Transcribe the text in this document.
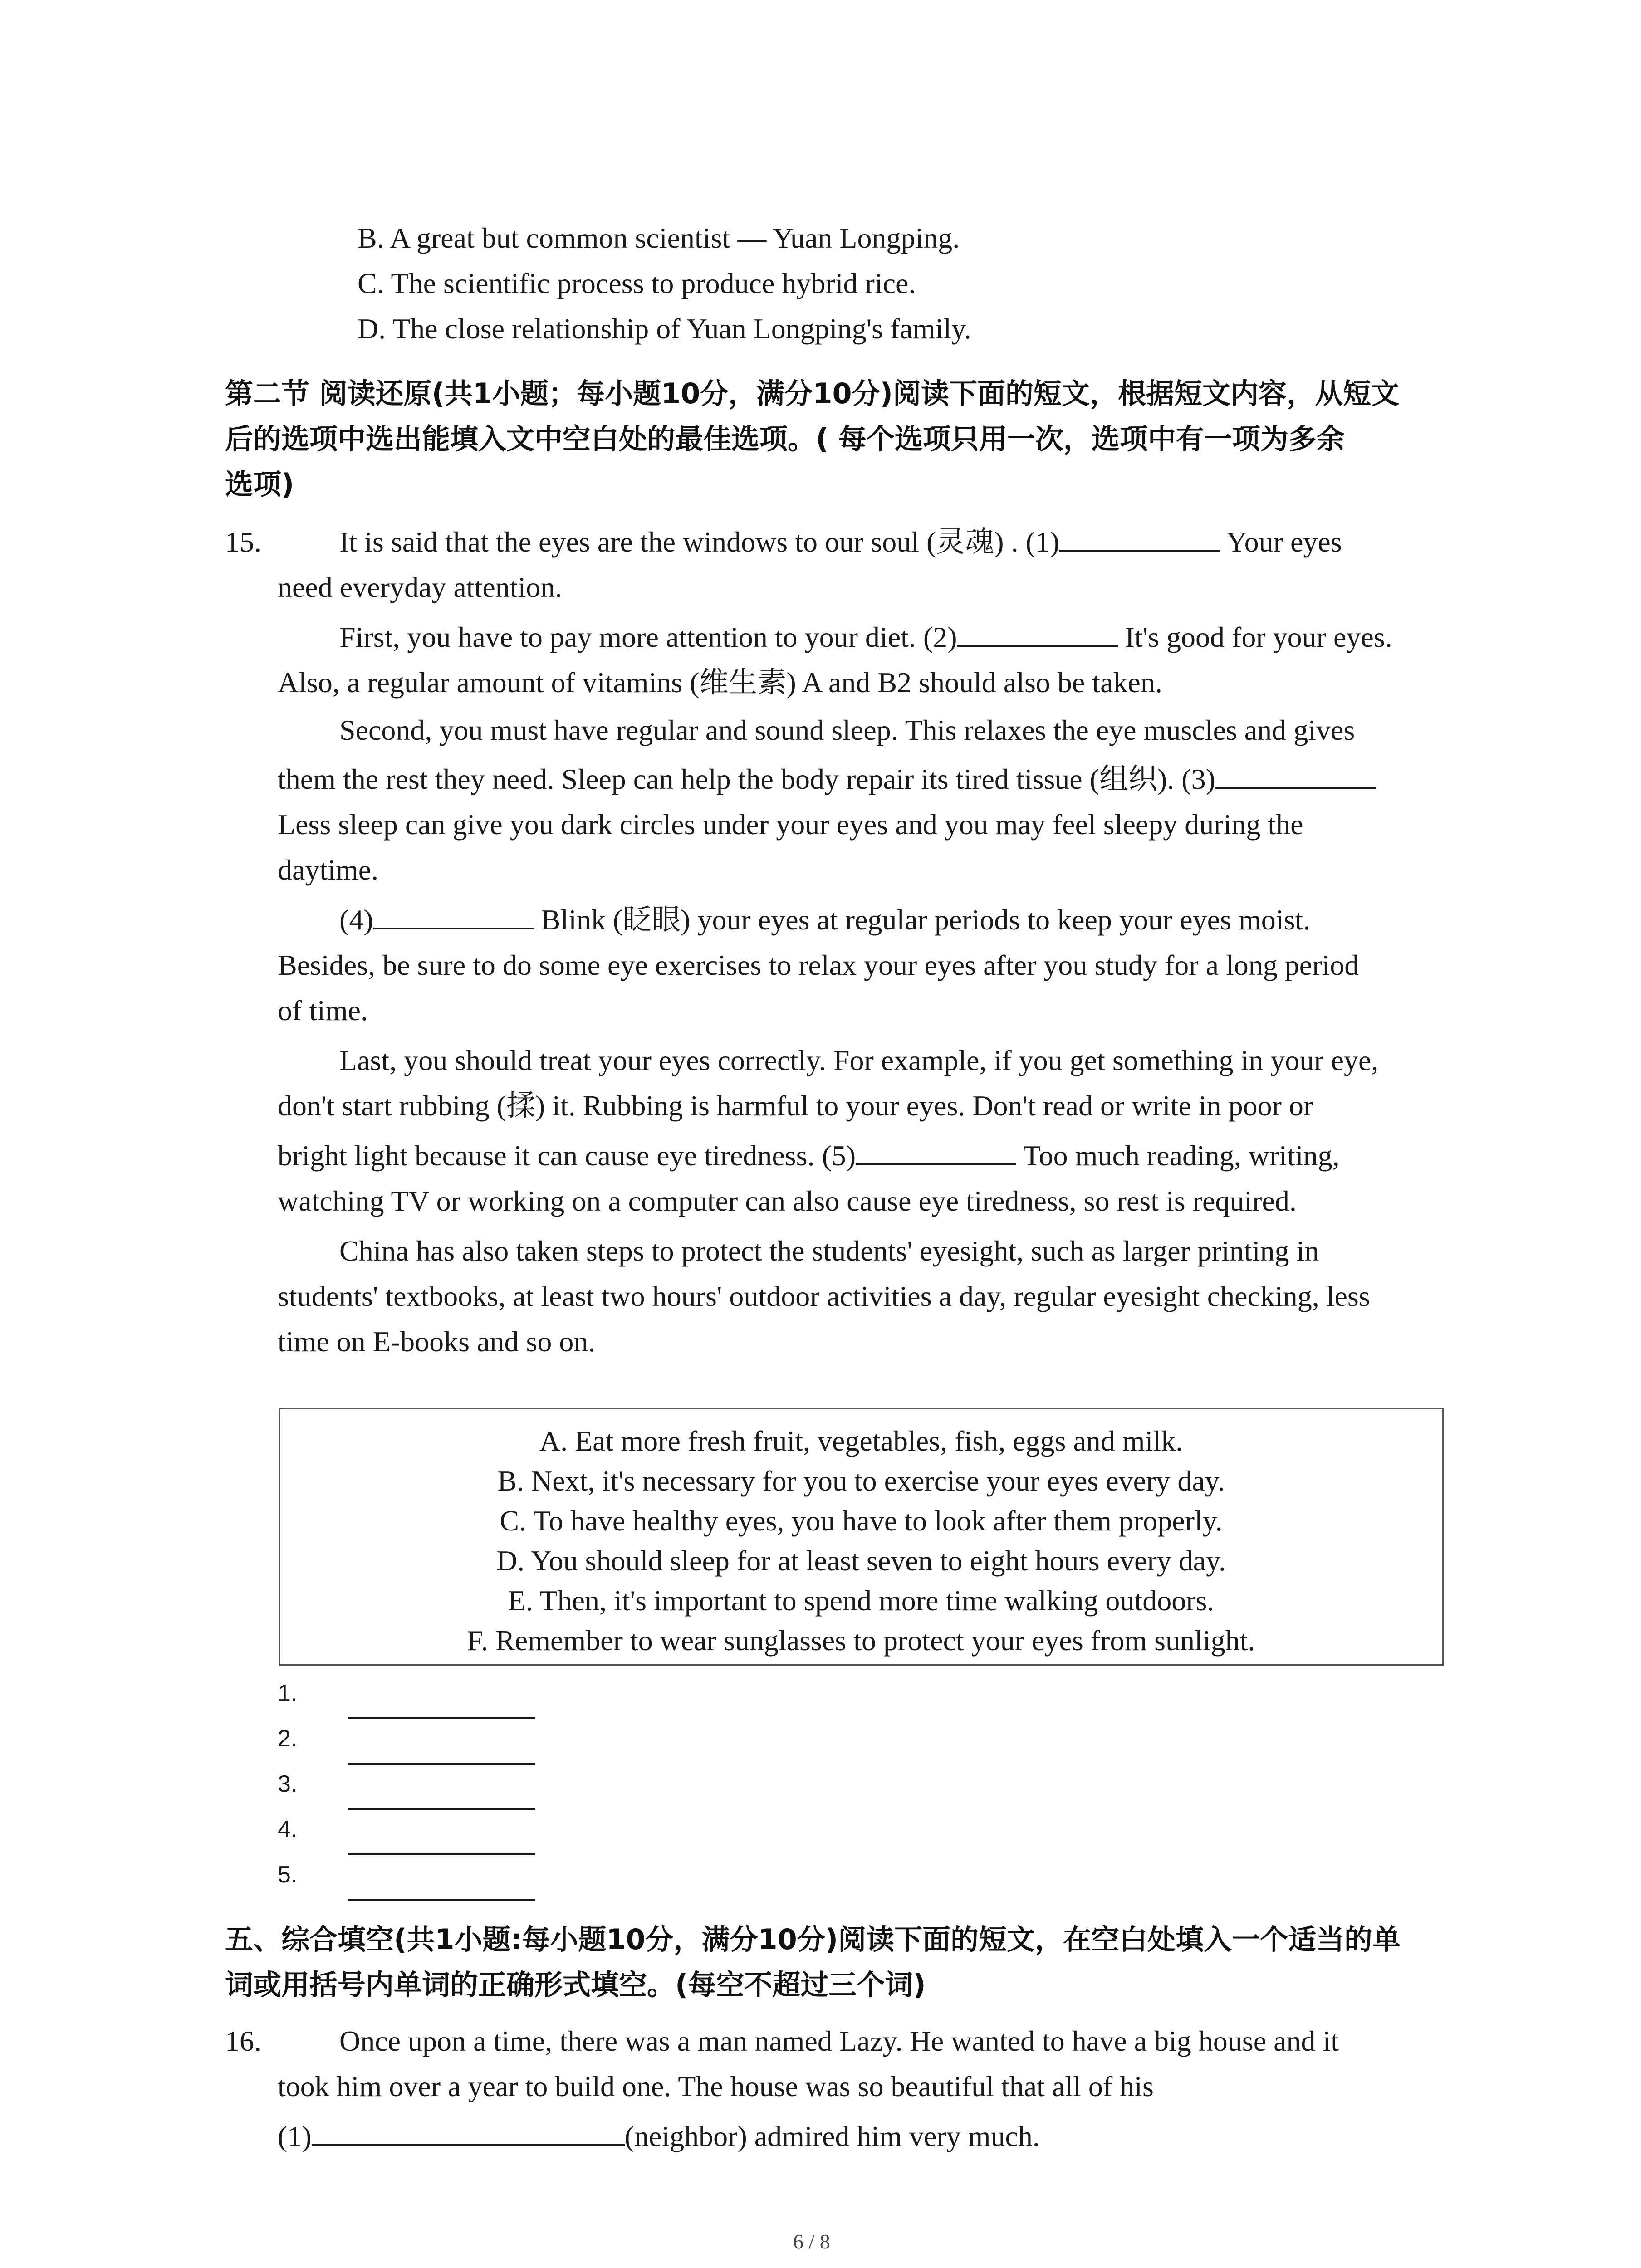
B. A great but common scientist — Yuan Longping.
C. The scientific process to produce hybrid rice.
D. The close relationship of Yuan Longping's family.
第二节 阅读还原(共1小题；每小题10分，满分10分)阅读下面的短文，根据短文内容，从短文
后的选项中选出能填入文中空白处的最佳选项。( 每个选项只用一次，选项中有一项为多余
选项)
15.	It is said that the eyes are the windows to our soul (灵魂) . (1)	Your eyes
need everyday attention.
First, you have to pay more attention to your diet. (2)	It's good for your eyes.
Also, a regular amount of vitamins (维生素) A and B2 should also be taken.
Second, you must have regular and sound sleep. This relaxes the eye muscles and gives
them the rest they need. Sleep can help the body repair its tired tissue (组织). (3)
Less sleep can give you dark circles under your eyes and you may feel sleepy during the
daytime.
(4)	Blink (眨眼) your eyes at regular periods to keep your eyes moist.
Besides, be sure to do some eye exercises to relax your eyes after you study for a long period
of time.
Last, you should treat your eyes correctly. For example, if you get something in your eye,
don't start rubbing (揉) it. Rubbing is harmful to your eyes. Don't read or write in poor or
bright light because it can cause eye tiredness. (5)	Too much reading, writing,
watching TV or working on a computer can also cause eye tiredness, so rest is required.
China has also taken steps to protect the students' eyesight, such as larger printing in
students' textbooks, at least two hours' outdoor activities a day, regular eyesight checking, less
time on E-books and so on.
A. Eat more fresh fruit, vegetables, fish, eggs and milk.
B. Next, it's necessary for you to exercise your eyes every day.
C. To have healthy eyes, you have to look after them properly.
D. You should sleep for at least seven to eight hours every day.
E. Then, it's important to spend more time walking outdoors.
F. Remember to wear sunglasses to protect your eyes from sunlight.
1.
2.
3.
4.
5.
五、综合填空(共1小题:每小题10分，满分10分)阅读下面的短文，在空白处填入一个适当的单
词或用括号内单词的正确形式填空。(每空不超过三个词)
16.	Once upon a time, there was a man named Lazy. He wanted to have a big house and it
took him over a year to build one. The house was so beautiful that all of his
(1)	(neighbor) admired him very much.
6 / 8
